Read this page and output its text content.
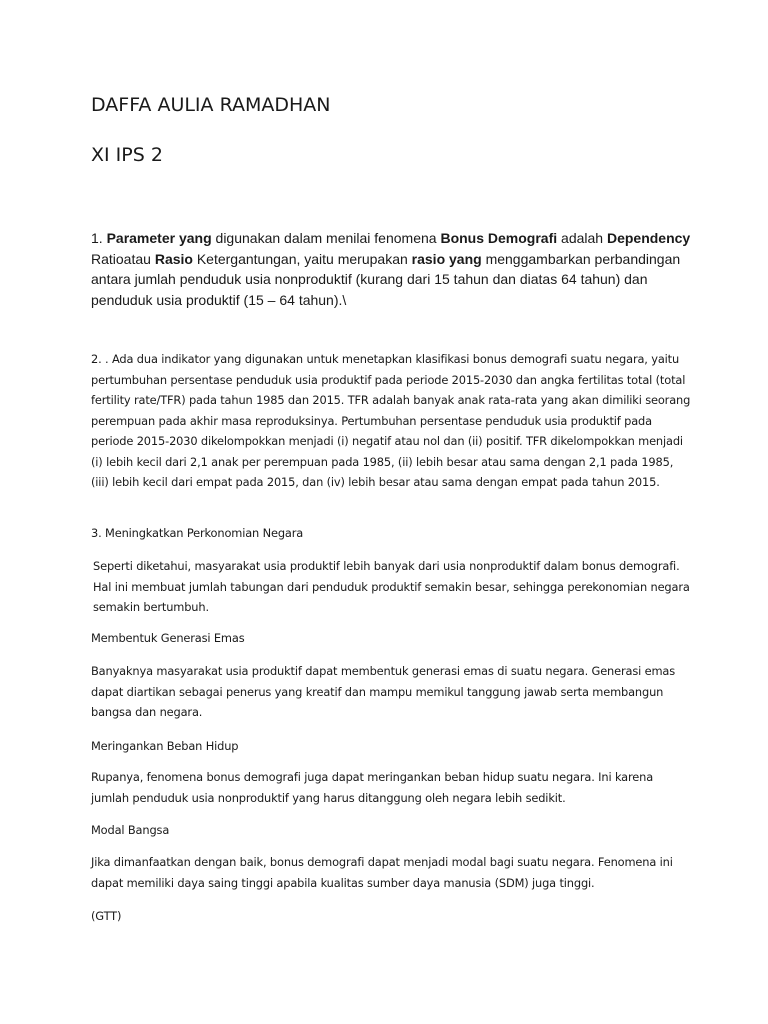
DAFFA AULIA RAMADHAN
XI IPS 2
1. Parameter yang digunakan dalam menilai fenomena Bonus Demografi adalah Dependency Ratioatau Rasio Ketergantungan, yaitu merupakan rasio yang menggambarkan perbandingan antara jumlah penduduk usia nonproduktif (kurang dari 15 tahun dan diatas 64 tahun) dan penduduk usia produktif (15 – 64 tahun).\
2. . Ada dua indikator yang digunakan untuk menetapkan klasifikasi bonus demografi suatu negara, yaitu pertumbuhan persentase penduduk usia produktif pada periode 2015-2030 dan angka fertilitas total (total fertility rate/TFR) pada tahun 1985 dan 2015. TFR adalah banyak anak rata-rata yang akan dimiliki seorang perempuan pada akhir masa reproduksinya. Pertumbuhan persentase penduduk usia produktif pada periode 2015-2030 dikelompokkan menjadi (i) negatif atau nol dan (ii) positif. TFR dikelompokkan menjadi (i) lebih kecil dari 2,1 anak per perempuan pada 1985, (ii) lebih besar atau sama dengan 2,1 pada 1985, (iii) lebih kecil dari empat pada 2015, dan (iv) lebih besar atau sama dengan empat pada tahun 2015.
3. Meningkatkan Perkonomian Negara
Seperti diketahui, masyarakat usia produktif lebih banyak dari usia nonproduktif dalam bonus demografi. Hal ini membuat jumlah tabungan dari penduduk produktif semakin besar, sehingga perekonomian negara semakin bertumbuh.
Membentuk Generasi Emas
Banyaknya masyarakat usia produktif dapat membentuk generasi emas di suatu negara. Generasi emas dapat diartikan sebagai penerus yang kreatif dan mampu memikul tanggung jawab serta membangun bangsa dan negara.
Meringankan Beban Hidup
Rupanya, fenomena bonus demografi juga dapat meringankan beban hidup suatu negara. Ini karena jumlah penduduk usia nonproduktif yang harus ditanggung oleh negara lebih sedikit.
Modal Bangsa
Jika dimanfaatkan dengan baik, bonus demografi dapat menjadi modal bagi suatu negara. Fenomena ini dapat memiliki daya saing tinggi apabila kualitas sumber daya manusia (SDM) juga tinggi.
(GTT)
